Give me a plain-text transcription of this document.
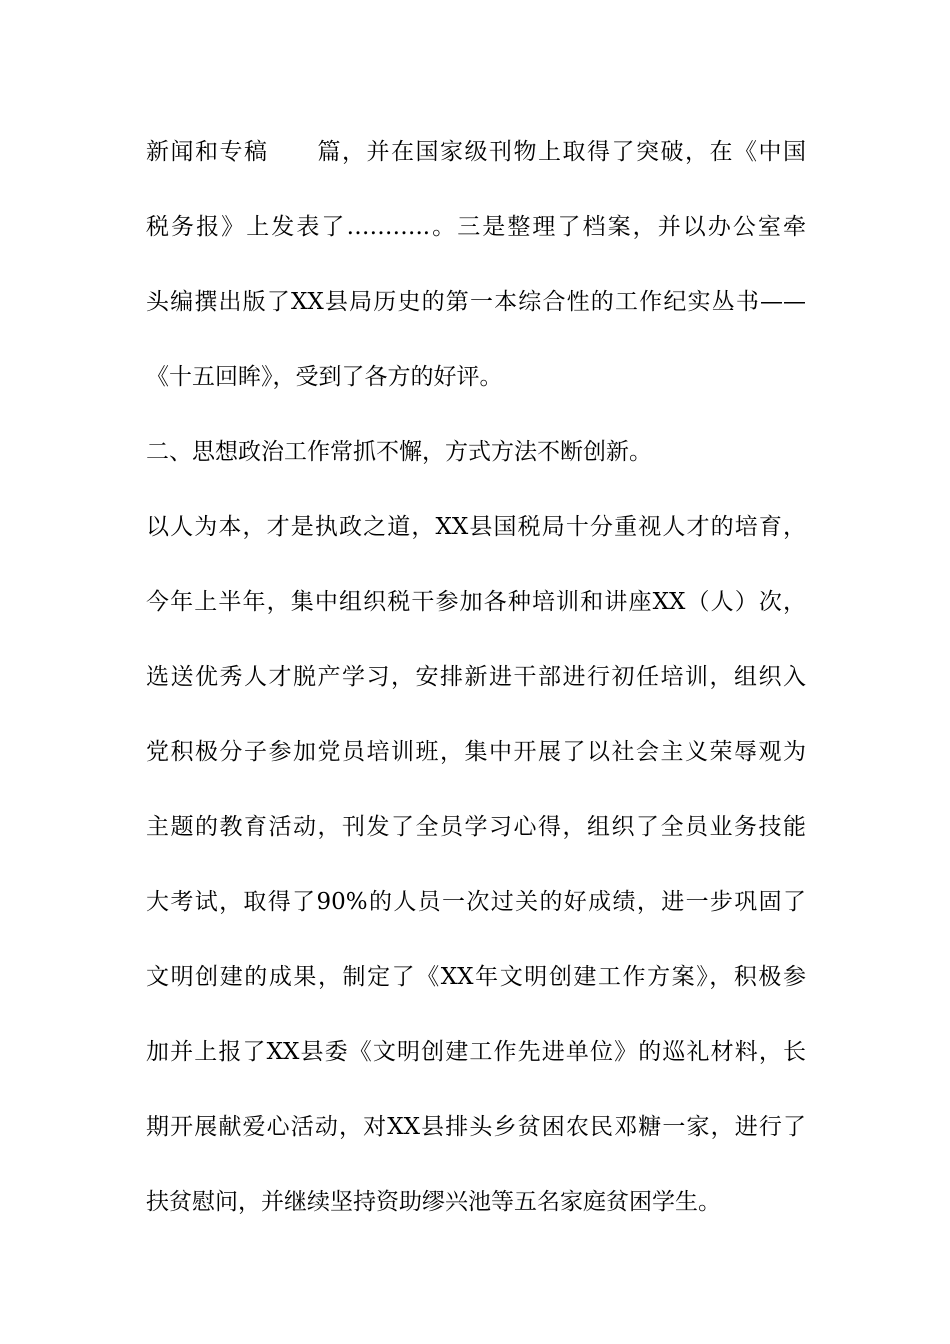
新闻和专稿　　篇，并在国家级刊物上取得了突破，在《中国
税务报》上发表了………..。三是整理了档案，并以办公室牵
头编撰出版了XX县局历史的第一本综合性的工作纪实丛书——
《十五回眸》，受到了各方的好评。
二、思想政治工作常抓不懈，方式方法不断创新。
以人为本，才是执政之道，XX县国税局十分重视人才的培育，
今年上半年，集中组织税干参加各种培训和讲座XX（人）次，
选送优秀人才脱产学习，安排新进干部进行初任培训，组织入
党积极分子参加党员培训班，集中开展了以社会主义荣辱观为
主题的教育活动，刊发了全员学习心得，组织了全员业务技能
大考试，取得了90%的人员一次过关的好成绩，进一步巩固了
文明创建的成果，制定了《XX年文明创建工作方案》，积极参
加并上报了XX县委《文明创建工作先进单位》的巡礼材料，长
期开展献爱心活动，对XX县排头乡贫困农民邓糖一家，进行了
扶贫慰问，并继续坚持资助缪兴池等五名家庭贫困学生。
